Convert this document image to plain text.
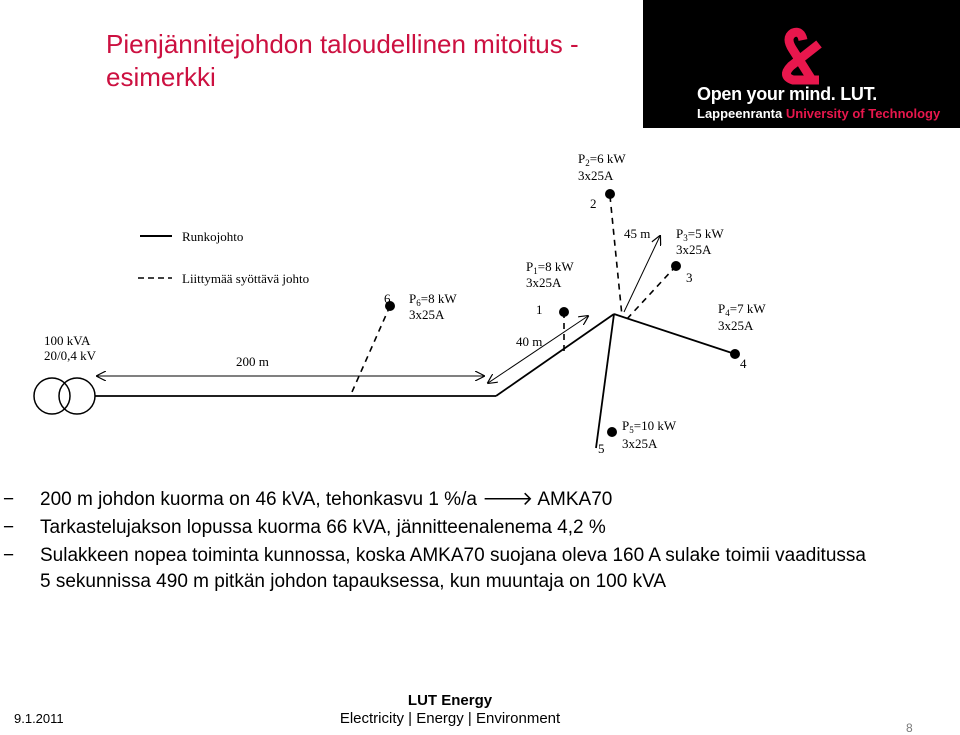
Pienjännitejohdon taloudellinen mitoitus - esimerkki
Open your mind. LUT.
Lappeenranta University of Technology
Runkojohto
Liittymää syöttävä johto
100 kVA
20/0,4 kV	200 m
40 m
45 m
6 $P_6=8$ kW
3x25A
$P_1=8$ kW
3x25A
1
$P_2=6$ kW
3x25A
2
$P_3=5$ kW
3x25A
3
$P_4=7$ kW
3x25A
4
$P_5=10$ kW
3x25A
5
− 200 m johdon kuorma on 46 kVA, tehonkasvu 1 %/a 🡒 AMKA70
− Tarkastelujakson lopussa kuorma 66 kVA, jännitteenalenema 4,2 %
− Sulakkeen nopea toiminta kunnossa, koska AMKA70 suojana oleva 160 A sulake toimii vaaditussa 5 sekunnissa 490 m pitkän johdon tapauksessa, kun muuntaja on 100 kVA
9.1.2011
LUT Energy
Electricity | Energy | Environment
8
